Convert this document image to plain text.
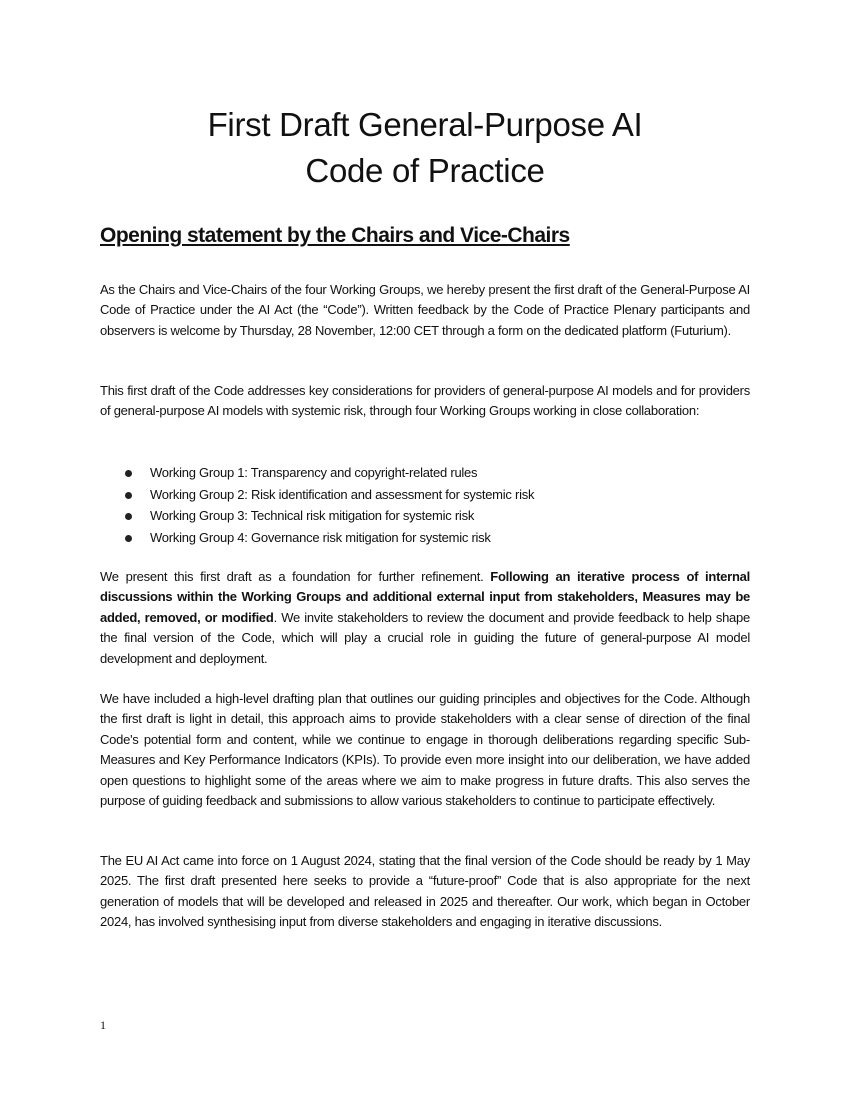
First Draft General-Purpose AI
Code of Practice
Opening statement by the Chairs and Vice-Chairs

As the Chairs and Vice-Chairs of the four Working Groups, we hereby present the first draft of the General-Purpose AI Code of Practice under the AI Act (the “Code”). Written feedback by the Code of Practice Plenary participants and observers is welcome by Thursday, 28 November, 12:00 CET through a form on the dedicated platform (Futurium).

This first draft of the Code addresses key considerations for providers of general-purpose AI models and for providers of general-purpose AI models with systemic risk, through four Working Groups working in close collaboration:

Working Group 1: Transparency and copyright-related rules
Working Group 2: Risk identification and assessment for systemic risk
Working Group 3: Technical risk mitigation for systemic risk
Working Group 4: Governance risk mitigation for systemic risk

We present this first draft as a foundation for further refinement. Following an iterative process of internal discussions within the Working Groups and additional external input from stakeholders, Measures may be added, removed, or modified. We invite stakeholders to review the document and provide feedback to help shape the final version of the Code, which will play a crucial role in guiding the future of general-purpose AI model development and deployment.

We have included a high-level drafting plan that outlines our guiding principles and objectives for the Code. Although the first draft is light in detail, this approach aims to provide stakeholders with a clear sense of direction of the final Code's potential form and content, while we continue to engage in thorough deliberations regarding specific Sub-Measures and Key Performance Indicators (KPIs). To provide even more insight into our deliberation, we have added open questions to highlight some of the areas where we aim to make progress in future drafts. This also serves the purpose of guiding feedback and submissions to allow various stakeholders to continue to participate effectively.

The EU AI Act came into force on 1 August 2024, stating that the final version of the Code should be ready by 1 May 2025. The first draft presented here seeks to provide a “future-proof” Code that is also appropriate for the next generation of models that will be developed and released in 2025 and thereafter. Our work, which began in October 2024, has involved synthesising input from diverse stakeholders and engaging in iterative discussions.

1
